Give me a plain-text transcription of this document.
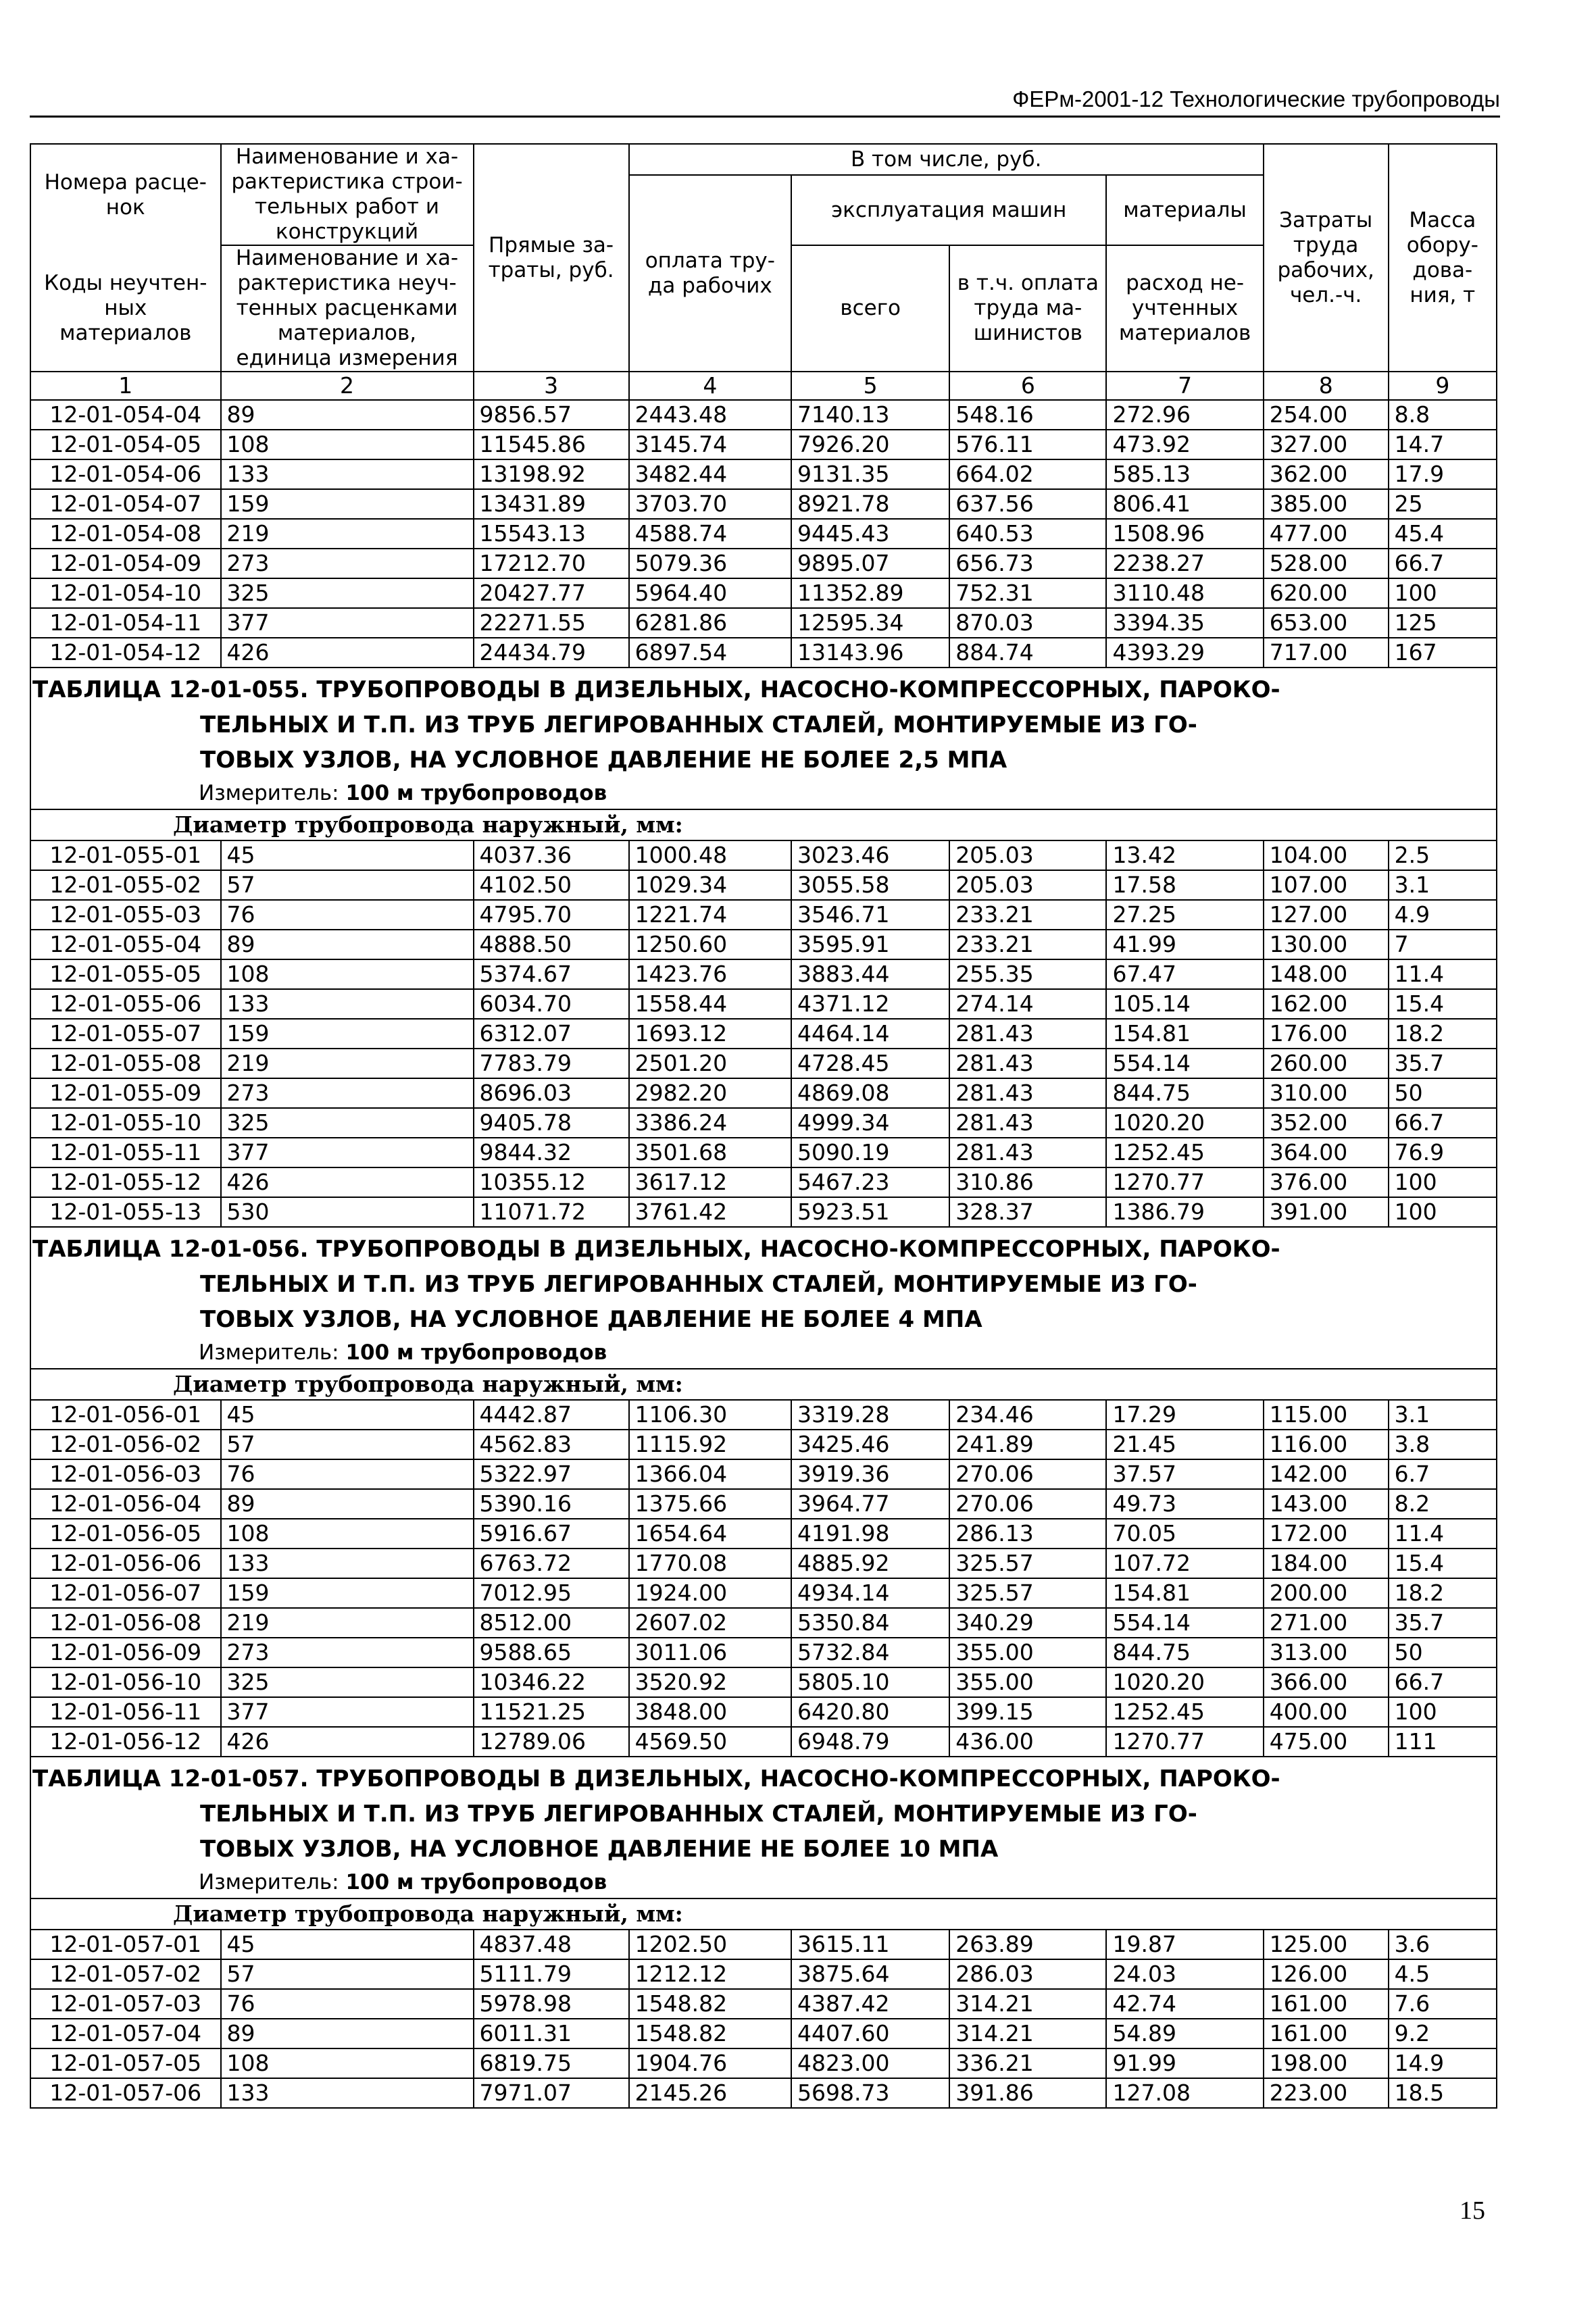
ФЕРм-2001-12 Технологические трубопроводы
Номера расце- нок	Наименование и ха- рактеристика строи- тельных работ и конструкций	Прямые за- траты, руб.	В том числе, руб.				Затраты труда рабочих, чел.-ч.	Масса обору- дова- ния, т
			оплата тру- да рабочих	эксплуатация машин		материалы		

Коды неучтен- ных материалов	Наименование и ха- рактеристика неуч- тенных расценками материалов, единица измерения			всего	в т.ч. оплата труда ма- шинистов	расход не- учтенных материалов		

1	2	3	4	5	6	7	8	9
12-01-054-04	89	9856.57	2443.48	7140.13	548.16	272.96	254.00	8.8
12-01-054-05	108	11545.86	3145.74	7926.20	576.11	473.92	327.00	14.7
12-01-054-06	133	13198.92	3482.44	9131.35	664.02	585.13	362.00	17.9
12-01-054-07	159	13431.89	3703.70	8921.78	637.56	806.41	385.00	25
12-01-054-08	219	15543.13	4588.74	9445.43	640.53	1508.96	477.00	45.4
12-01-054-09	273	17212.70	5079.36	9895.07	656.73	2238.27	528.00	66.7
12-01-054-10	325	20427.77	5964.40	11352.89	752.31	3110.48	620.00	100
12-01-054-11	377	22271.55	6281.86	12595.34	870.03	3394.35	653.00	125
12-01-054-12	426	24434.79	6897.54	13143.96	884.74	4393.29	717.00	167

ТАБЛИЦА 12-01-055. ТРУБОПРОВОДЫ В ДИЗЕЛЬНЫХ, НАСОСНО-КОМПРЕССОРНЫХ, ПАРОКО-
ТЕЛЬНЫХ И Т.П. ИЗ ТРУБ ЛЕГИРОВАННЫХ СТАЛЕЙ, МОНТИРУЕМЫЕ ИЗ ГО-
ТОВЫХ УЗЛОВ, НА УСЛОВНОЕ ДАВЛЕНИЕ НЕ БОЛЕЕ 2,5 МПА
Измеритель: 100 м трубопроводов								

Диаметр трубопровода наружный, мм:								

12-01-055-01	45	4037.36	1000.48	3023.46	205.03	13.42	104.00	2.5
12-01-055-02	57	4102.50	1029.34	3055.58	205.03	17.58	107.00	3.1
12-01-055-03	76	4795.70	1221.74	3546.71	233.21	27.25	127.00	4.9
12-01-055-04	89	4888.50	1250.60	3595.91	233.21	41.99	130.00	7
12-01-055-05	108	5374.67	1423.76	3883.44	255.35	67.47	148.00	11.4
12-01-055-06	133	6034.70	1558.44	4371.12	274.14	105.14	162.00	15.4
12-01-055-07	159	6312.07	1693.12	4464.14	281.43	154.81	176.00	18.2
12-01-055-08	219	7783.79	2501.20	4728.45	281.43	554.14	260.00	35.7
12-01-055-09	273	8696.03	2982.20	4869.08	281.43	844.75	310.00	50
12-01-055-10	325	9405.78	3386.24	4999.34	281.43	1020.20	352.00	66.7
12-01-055-11	377	9844.32	3501.68	5090.19	281.43	1252.45	364.00	76.9
12-01-055-12	426	10355.12	3617.12	5467.23	310.86	1270.77	376.00	100
12-01-055-13	530	11071.72	3761.42	5923.51	328.37	1386.79	391.00	100

ТАБЛИЦА 12-01-056. ТРУБОПРОВОДЫ В ДИЗЕЛЬНЫХ, НАСОСНО-КОМПРЕССОРНЫХ, ПАРОКО-
ТЕЛЬНЫХ И Т.П. ИЗ ТРУБ ЛЕГИРОВАННЫХ СТАЛЕЙ, МОНТИРУЕМЫЕ ИЗ ГО-
ТОВЫХ УЗЛОВ, НА УСЛОВНОЕ ДАВЛЕНИЕ НЕ БОЛЕЕ 4 МПА
Измеритель: 100 м трубопроводов								

Диаметр трубопровода наружный, мм:								

12-01-056-01	45	4442.87	1106.30	3319.28	234.46	17.29	115.00	3.1
12-01-056-02	57	4562.83	1115.92	3425.46	241.89	21.45	116.00	3.8
12-01-056-03	76	5322.97	1366.04	3919.36	270.06	37.57	142.00	6.7
12-01-056-04	89	5390.16	1375.66	3964.77	270.06	49.73	143.00	8.2
12-01-056-05	108	5916.67	1654.64	4191.98	286.13	70.05	172.00	11.4
12-01-056-06	133	6763.72	1770.08	4885.92	325.57	107.72	184.00	15.4
12-01-056-07	159	7012.95	1924.00	4934.14	325.57	154.81	200.00	18.2
12-01-056-08	219	8512.00	2607.02	5350.84	340.29	554.14	271.00	35.7
12-01-056-09	273	9588.65	3011.06	5732.84	355.00	844.75	313.00	50
12-01-056-10	325	10346.22	3520.92	5805.10	355.00	1020.20	366.00	66.7
12-01-056-11	377	11521.25	3848.00	6420.80	399.15	1252.45	400.00	100
12-01-056-12	426	12789.06	4569.50	6948.79	436.00	1270.77	475.00	111

ТАБЛИЦА 12-01-057. ТРУБОПРОВОДЫ В ДИЗЕЛЬНЫХ, НАСОСНО-КОМПРЕССОРНЫХ, ПАРОКО-
ТЕЛЬНЫХ И Т.П. ИЗ ТРУБ ЛЕГИРОВАННЫХ СТАЛЕЙ, МОНТИРУЕМЫЕ ИЗ ГО-
ТОВЫХ УЗЛОВ, НА УСЛОВНОЕ ДАВЛЕНИЕ НЕ БОЛЕЕ 10 МПА
Измеритель: 100 м трубопроводов								

Диаметр трубопровода наружный, мм:								

12-01-057-01	45	4837.48	1202.50	3615.11	263.89	19.87	125.00	3.6
12-01-057-02	57	5111.79	1212.12	3875.64	286.03	24.03	126.00	4.5
12-01-057-03	76	5978.98	1548.82	4387.42	314.21	42.74	161.00	7.6
12-01-057-04	89	6011.31	1548.82	4407.60	314.21	54.89	161.00	9.2
12-01-057-05	108	6819.75	1904.76	4823.00	336.21	91.99	198.00	14.9
12-01-057-06	133	7971.07	2145.26	5698.73	391.86	127.08	223.00	18.5
15
